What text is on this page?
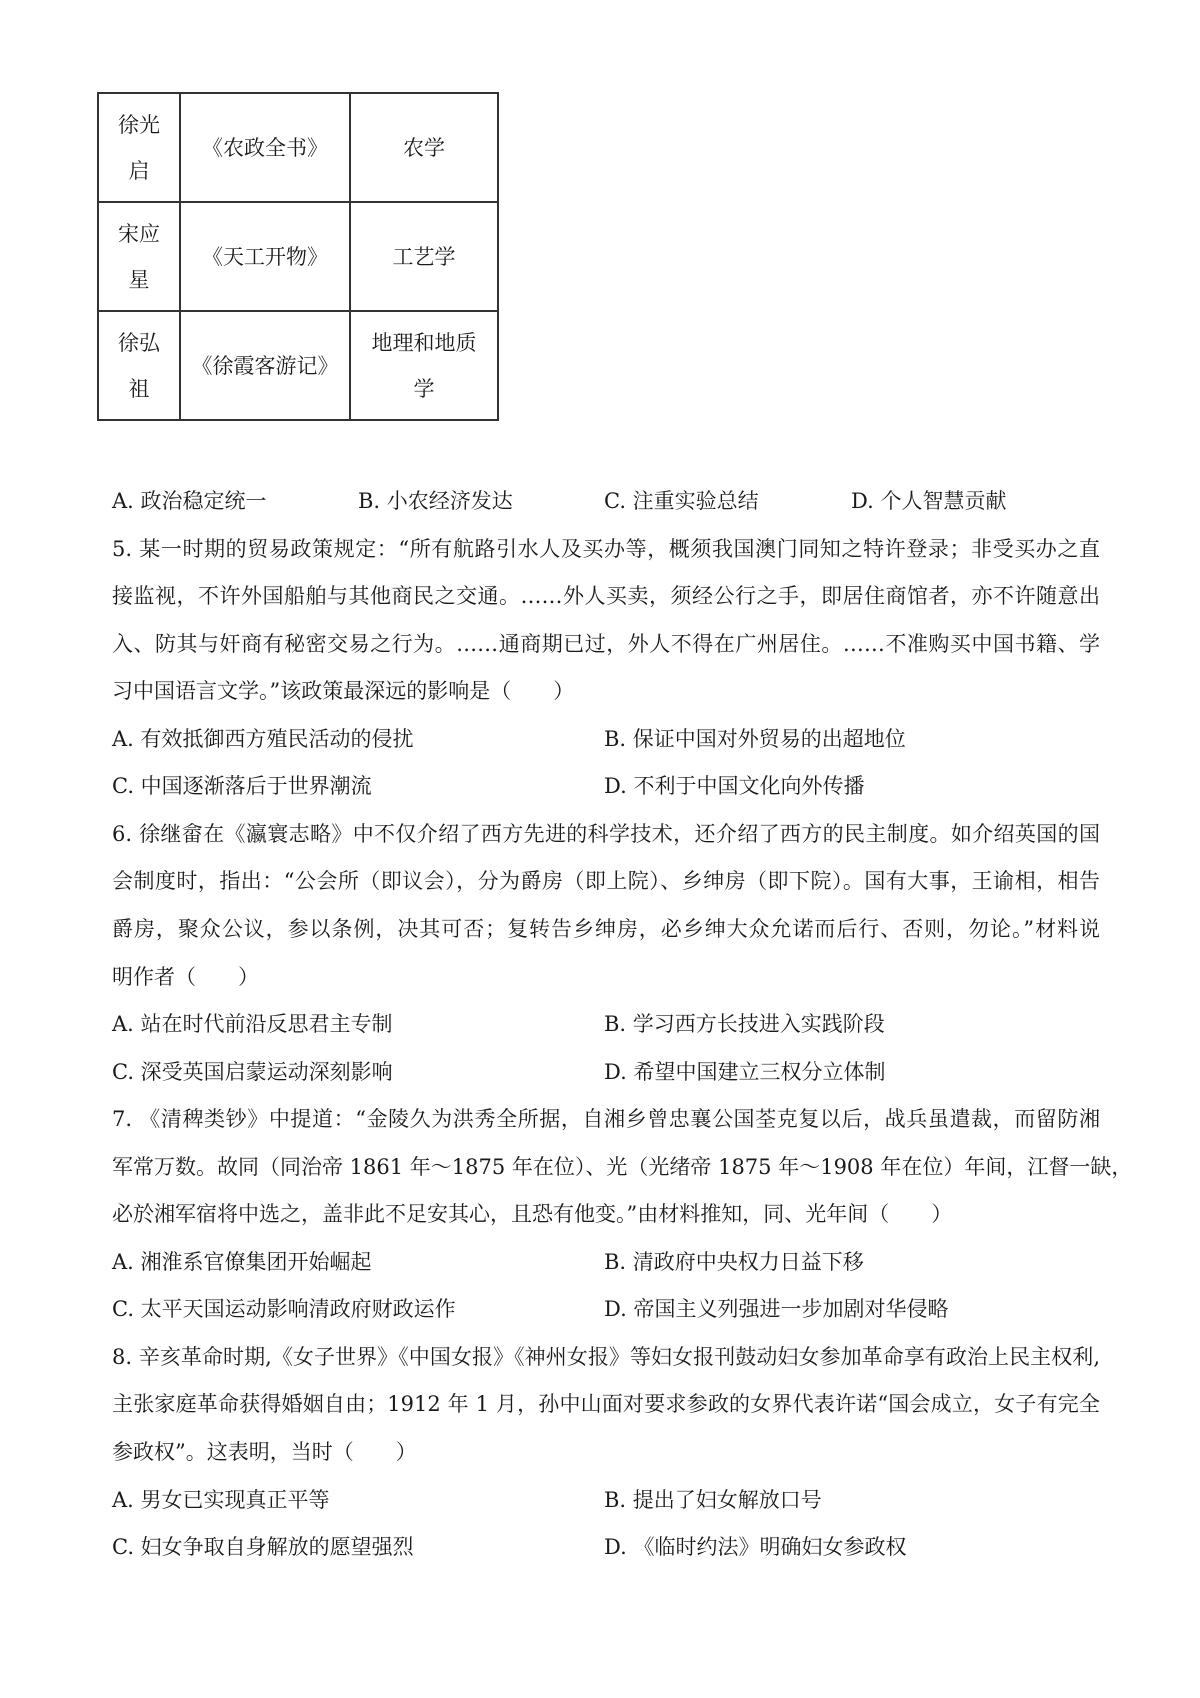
徐光启	《农政全书》	农学

宋应星	《天工开物》	工艺学

徐弘祖	《徐霞客游记》	地理和地质学
A. 政治稳定统一	B. 小农经济发达	C. 注重实验总结	D. 个人智慧贡献
5. 某一时期的贸易政策规定：“所有航路引水人及买办等，概须我国澳门同知之特许登录；非受买办之直
接监视，不许外国船舶与其他商民之交通。……外人买卖，须经公行之手，即居住商馆者，亦不许随意出
入、防其与奸商有秘密交易之行为。……通商期已过，外人不得在广州居住。……不准购买中国书籍、学
习中国语言文学。”该政策最深远的影响是（　　）
A. 有效抵御西方殖民活动的侵扰	B. 保证中国对外贸易的出超地位
C. 中国逐渐落后于世界潮流	D. 不利于中国文化向外传播
6. 徐继畲在《瀛寰志略》中不仅介绍了西方先进的科学技术，还介绍了西方的民主制度。如介绍英国的国
会制度时，指出：“公会所（即议会），分为爵房（即上院）、乡绅房（即下院）。国有大事，王谕相，相告
爵房，聚众公议，参以条例，决其可否；复转告乡绅房，必乡绅大众允诺而后行、否则，勿论。”材料说
明作者（　　）
A. 站在时代前沿反思君主专制	B. 学习西方长技进入实践阶段
C. 深受英国启蒙运动深刻影响	D. 希望中国建立三权分立体制
7. 《清稗类钞》中提道：“金陵久为洪秀全所据，自湘乡曾忠襄公国荃克复以后，战兵虽遣裁，而留防湘
军常万数。故同（同治帝 1861 年～1875 年在位）、光（光绪帝 1875 年～1908 年在位）年间，江督一缺，
必於湘军宿将中选之，盖非此不足安其心，且恐有他变。”由材料推知，同、光年间（　　）
A. 湘淮系官僚集团开始崛起	B. 清政府中央权力日益下移
C. 太平天国运动影响清政府财政运作	D. 帝国主义列强进一步加剧对华侵略
8. 辛亥革命时期,《女子世界》《中国女报》《神州女报》等妇女报刊鼓动妇女参加革命享有政治上民主权利,
主张家庭革命获得婚姻自由；1912 年 1 月，孙中山面对要求参政的女界代表许诺“国会成立，女子有完全
参政权”。这表明，当时（　　）
A. 男女已实现真正平等	B. 提出了妇女解放口号
C. 妇女争取自身解放的愿望强烈	D. 《临时约法》明确妇女参政权
